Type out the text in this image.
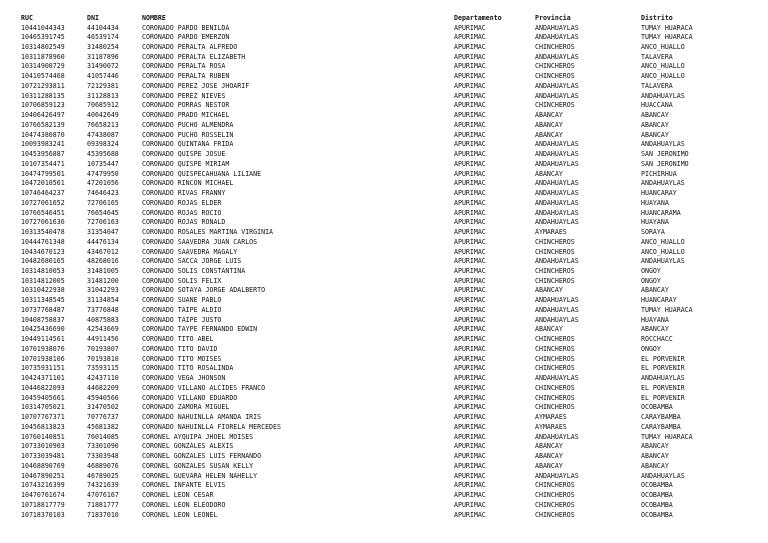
RUC	DNI	NOMBRE	Departamento	Provincia	Distrito
10441044343	44104434	CORONADO PARDO BENILDA	APURIMAC	ANDAHUAYLAS	TUMAY HUARACA
10465391745	46539174	CORONADO PARDO EMERZON	APURIMAC	ANDAHUAYLAS	TUMAY HUARACA
10314802549	31480254	CORONADO PERALTA ALFREDO	APURIMAC	CHINCHEROS	ANCO_HUALLO
10311878960	31187896	CORONADO PERALTA ELIZABETH	APURIMAC	ANDAHUAYLAS	TALAVERA
10314900729	31490072	CORONADO PERALTA ROSA	APURIMAC	CHINCHEROS	ANCO_HUALLO
10410574468	41057446	CORONADO PERALTA RUBEN	APURIMAC	CHINCHEROS	ANCO_HUALLO
10721293811	72129381	CORONADO PEREZ JOSE JHOARIF	APURIMAC	ANDAHUAYLAS	TALAVERA
10311288135	31128813	CORONADO PEREZ NIEVES	APURIMAC	ANDAHUAYLAS	ANDAHUAYLAS
10706859123	70685912	CORONADO PORRAS NESTOR	APURIMAC	CHINCHEROS	HUACCANA
10406426497	40642649	CORONADO PRADO MICHAEL	APURIMAC	ABANCAY	ABANCAY
10766582139	76658213	CORONADO PUCHO ALMENDRA	APURIMAC	ABANCAY	ABANCAY
10474380870	47438087	CORONADO PUCHO ROSSELIN	APURIMAC	ABANCAY	ABANCAY
10093983241	09398324	CORONADO QUINTANA FRIDA	APURIMAC	ANDAHUAYLAS	ANDAHUAYLAS
10453956887	45395688	CORONADO QUISPE JOSUE	APURIMAC	ANDAHUAYLAS	SAN JERONIMO
10107354471	10735447	CORONADO QUISPE MIRIAM	APURIMAC	ANDAHUAYLAS	SAN JERONIMO
10474799501	47479950	CORONADO QUISPECAHUANA LILIANE	APURIMAC	ABANCAY	PICHIRHUA
10472010561	47201056	CORONADO RINCON MICHAEL	APURIMAC	ANDAHUAYLAS	ANDAHUAYLAS
10746464237	74646423	CORONADO RIVAS FRANNY	APURIMAC	ANDAHUAYLAS	HUANCARAY
10727061652	72706165	CORONADO ROJAS ELDER	APURIMAC	ANDAHUAYLAS	HUAYANA
10766546451	76654645	CORONADO ROJAS ROCIO	APURIMAC	ANDAHUAYLAS	HUANCARAMA
10727061636	72706163	CORONADO ROJAS RONALD	APURIMAC	ANDAHUAYLAS	HUAYANA
10313540478	31354047	CORONADO ROSALES MARTINA VIRGINIA	APURIMAC	AYMARAES	SORAYA
10444761348	44476134	CORONADO SAAVEDRA JUAN CARLOS	APURIMAC	CHINCHEROS	ANCO_HUALLO
10434670123	43467012	CORONADO SAAVEDRA MAGALY	APURIMAC	CHINCHEROS	ANCO_HUALLO
10482680165	48268016	CORONADO SACCA JORGE LUIS	APURIMAC	ANDAHUAYLAS	ANDAHUAYLAS
10314810053	31481005	CORONADO SOLIS CONSTANTINA	APURIMAC	CHINCHEROS	ONGOY
10314812005	31481200	CORONADO SOLIS FELIX	APURIMAC	CHINCHEROS	ONGOY
10310422938	31042293	CORONADO SOTAYA JORGE ADALBERTO	APURIMAC	ABANCAY	ABANCAY
10311348545	31134854	CORONADO SUAÑE PABLO	APURIMAC	ANDAHUAYLAS	HUANCARAY
10737768487	73776848	CORONADO TAIPE ALDIO	APURIMAC	ANDAHUAYLAS	TUMAY HUARACA
10408758837	40875883	CORONADO TAIPE JUSTO	APURIMAC	ANDAHUAYLAS	HUAYANA
10425436690	42543669	CORONADO TAYPE FERNANDO EDWIN	APURIMAC	ABANCAY	ABANCAY
10449114561	44911456	CORONADO TITO ABEL	APURIMAC	CHINCHEROS	ROCCHACC
10701938076	70193807	CORONADO TITO DAVID	APURIMAC	CHINCHEROS	ONGOY
10701938106	70193810	CORONADO TITO MOISES	APURIMAC	CHINCHEROS	EL PORVENIR
10735931151	73593115	CORONADO TITO ROSALINDA	APURIMAC	CHINCHEROS	EL PORVENIR
10424371101	42437110	CORONADO VEGA JHONSON	APURIMAC	ANDAHUAYLAS	ANDAHUAYLAS
10446822093	44682209	CORONADO VILLANO ALCIDES FRANCO	APURIMAC	CHINCHEROS	EL PORVENIR
10459405661	45940566	CORONADO VILLANO EDUARDO	APURIMAC	CHINCHEROS	EL PORVENIR
10314705021	31470502	CORONADO ZAMORA MIGUEL	APURIMAC	CHINCHEROS	OCOBAMBA
10707767371	70776737	CORONADO ÑAHUINLLA AMANDA IRIS	APURIMAC	AYMARAES	CARAYBAMBA
10456813823	45681382	CORONADO ÑAHUINLLA FIORELA MERCEDES	APURIMAC	AYMARAES	CARAYBAMBA
10760140851	76014085	CORONEL AYQUIPA JHOEL MOISES	APURIMAC	ANDAHUAYLAS	TUMAY HUARACA
10733010903	73301090	CORONEL GONZALES ALEXIS	APURIMAC	ABANCAY	ABANCAY
10733039481	73303948	CORONEL GONZALES LUIS FERNANDO	APURIMAC	ABANCAY	ABANCAY
10468890769	46889076	CORONEL GONZALES SUSAN KELLY	APURIMAC	ABANCAY	ABANCAY
10467890251	46789025	CORONEL GUEVARA HELEN NAHELLY	APURIMAC	ANDAHUAYLAS	ANDAHUAYLAS
10743216399	74321639	CORONEL INFANTE ELVIS	APURIMAC	CHINCHEROS	OCOBAMBA
10470761674	47076167	CORONEL LEON CESAR	APURIMAC	CHINCHEROS	OCOBAMBA
10718817779	71881777	CORONEL LEON ELEODORO	APURIMAC	CHINCHEROS	OCOBAMBA
10718370103	71837010	CORONEL LEON LEONEL	APURIMAC	CHINCHEROS	OCOBAMBA
